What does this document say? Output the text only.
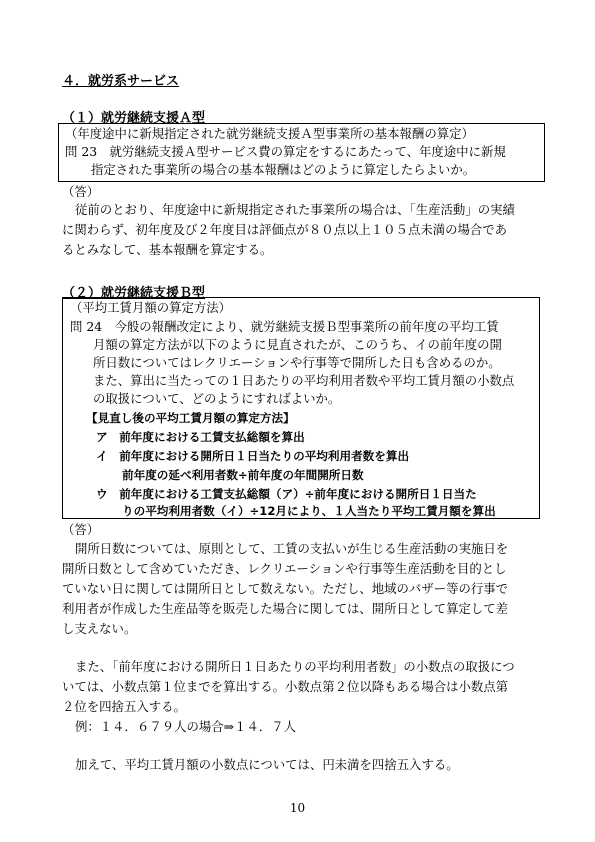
４．就労系サービス
（１）就労継続支援Ａ型
（年度途中に新規指定された就労継続支援Ａ型事業所の基本報酬の算定）
問 23　就労継続支援Ａ型サービス費の算定をするにあたって、年度途中に新規
指定された事業所の場合の基本報酬はどのように算定したらよいか。
（答）
従前のとおり、年度途中に新規指定された事業所の場合は、「生産活動」の実績
に関わらず、初年度及び２年度目は評価点が８０点以上１０５点未満の場合であ
るとみなして、基本報酬を算定する。
（２）就労継続支援Ｂ型
（平均工賃月額の算定方法）
問 24　今般の報酬改定により、就労継続支援Ｂ型事業所の前年度の平均工賃
月額の算定方法が以下のように見直されたが、このうち、イの前年度の開
所日数についてはレクリエーションや行事等で開所した日も含めるのか。
また、算出に当たっての１日あたりの平均利用者数や平均工賃月額の小数点
の取扱について、どのようにすればよいか。
【見直し後の平均工賃月額の算定方法】
ア　前年度における工賃支払総額を算出
イ　前年度における開所日１日当たりの平均利用者数を算出
前年度の延べ利用者数÷前年度の年間開所日数
ウ　前年度における工賃支払総額（ア）÷前年度における開所日１日当た
りの平均利用者数（イ）÷12月により、１人当たり平均工賃月額を算出
（答）
開所日数については、原則として、工賃の支払いが生じる生産活動の実施日を
開所日数として含めていただき、レクリエーションや行事等生産活動を目的とし
ていない日に関しては開所日として数えない。ただし、地域のバザー等の行事で
利用者が作成した生産品等を販売した場合に関しては、開所日として算定して差
し支えない。
また、「前年度における開所日１日あたりの平均利用者数」の小数点の取扱につ
いては、小数点第１位までを算出する。小数点第２位以降もある場合は小数点第
２位を四捨五入する。
例：１４．６７９人の場合⇒１４．７人
加えて、平均工賃月額の小数点については、円未満を四捨五入する。
10
